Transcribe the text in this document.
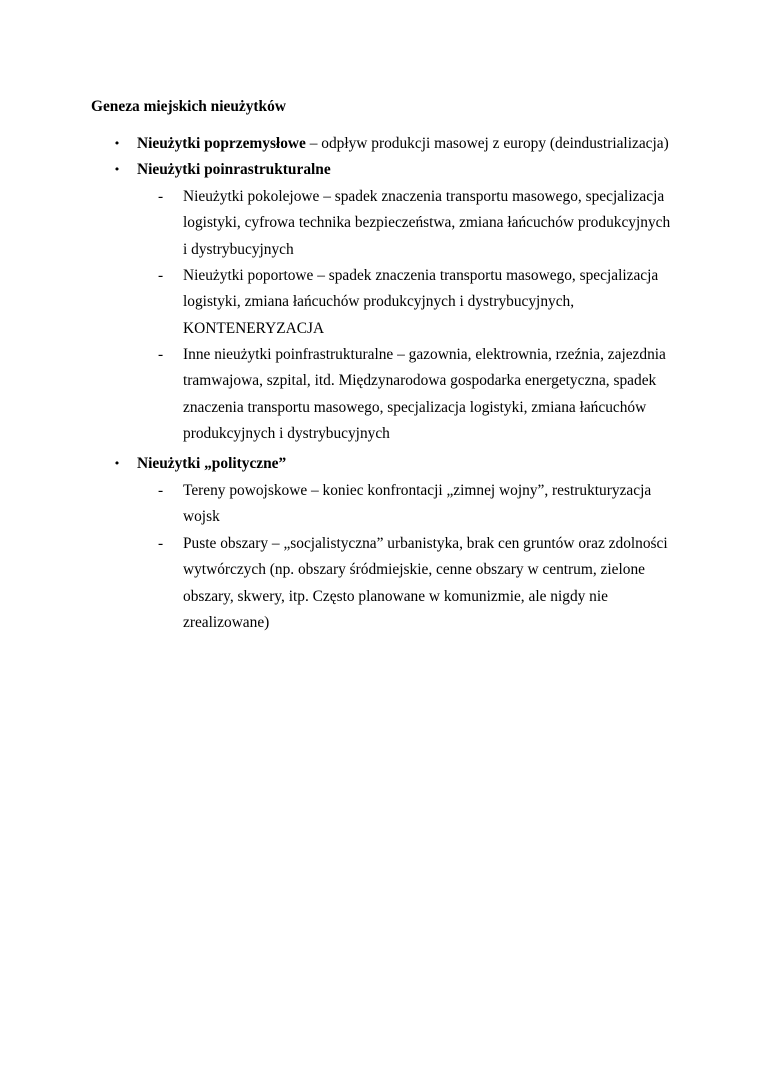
Geneza miejskich nieużytków
• Nieużytki poprzemysłowe – odpływ produkcji masowej z europy (deindustrializacja)
• Nieużytki poinrastrukturalne
- Nieużytki pokolejowe – spadek znaczenia transportu masowego, specjalizacja
logistyki, cyfrowa technika bezpieczeństwa, zmiana łańcuchów produkcyjnych
i dystrybucyjnych
- Nieużytki poportowe – spadek znaczenia transportu masowego, specjalizacja
logistyki, zmiana łańcuchów produkcyjnych i dystrybucyjnych,
KONTENERYZACJA
- Inne nieużytki poinfrastrukturalne – gazownia, elektrownia, rzeźnia, zajezdnia
tramwajowa, szpital, itd. Międzynarodowa gospodarka energetyczna, spadek
znaczenia transportu masowego, specjalizacja logistyki, zmiana łańcuchów
produkcyjnych i dystrybucyjnych
• Nieużytki „polityczne”
- Tereny powojskowe – koniec konfrontacji „zimnej wojny”, restrukturyzacja
wojsk
- Puste obszary – „socjalistyczna” urbanistyka, brak cen gruntów oraz zdolności
wytwórczych (np. obszary śródmiejskie, cenne obszary w centrum, zielone
obszary, skwery, itp. Często planowane w komunizmie, ale nigdy nie
zrealizowane)
